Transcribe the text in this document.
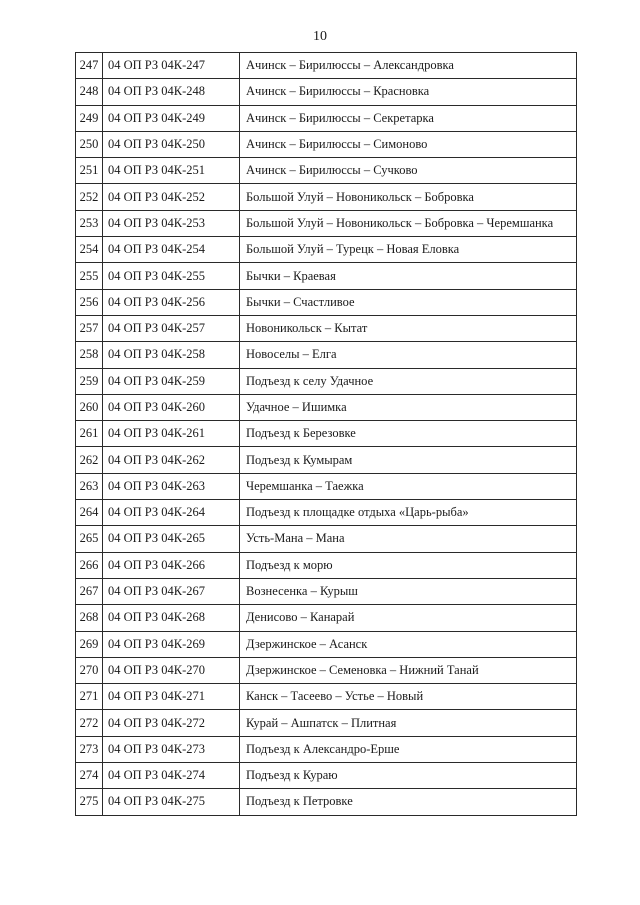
10
247	04 ОП РЗ 04К-247	Ачинск – Бирилюссы – Александровка
248	04 ОП РЗ 04К-248	Ачинск – Бирилюссы – Красновка
249	04 ОП РЗ 04К-249	Ачинск – Бирилюссы – Секретарка
250	04 ОП РЗ 04К-250	Ачинск – Бирилюссы – Симоново
251	04 ОП РЗ 04К-251	Ачинск – Бирилюссы – Сучково
252	04 ОП РЗ 04К-252	Большой Улуй – Новоникольск – Бобровка
253	04 ОП РЗ 04К-253	Большой Улуй – Новоникольск – Бобровка – Черемшанка
254	04 ОП РЗ 04К-254	Большой Улуй – Турецк – Новая Еловка
255	04 ОП РЗ 04К-255	Бычки – Краевая
256	04 ОП РЗ 04К-256	Бычки – Счастливое
257	04 ОП РЗ 04К-257	Новоникольск – Кытат
258	04 ОП РЗ 04К-258	Новоселы – Елга
259	04 ОП РЗ 04К-259	Подъезд к селу Удачное
260	04 ОП РЗ 04К-260	Удачное – Ишимка
261	04 ОП РЗ 04К-261	Подъезд к Березовке
262	04 ОП РЗ 04К-262	Подъезд к Кумырам
263	04 ОП РЗ 04К-263	Черемшанка – Таежка
264	04 ОП РЗ 04К-264	Подъезд к площадке отдыха «Царь-рыба»
265	04 ОП РЗ 04К-265	Усть-Мана – Мана
266	04 ОП РЗ 04К-266	Подъезд к морю
267	04 ОП РЗ 04К-267	Вознесенка – Курыш
268	04 ОП РЗ 04К-268	Денисово – Канарай
269	04 ОП РЗ 04К-269	Дзержинское – Асанск
270	04 ОП РЗ 04К-270	Дзержинское – Семеновка – Нижний Танай
271	04 ОП РЗ 04К-271	Канск – Тасеево – Устье – Новый
272	04 ОП РЗ 04К-272	Курай – Ашпатск – Плитная
273	04 ОП РЗ 04К-273	Подъезд к Александро-Ерше
274	04 ОП РЗ 04К-274	Подъезд к Кураю
275	04 ОП РЗ 04К-275	Подъезд к Петровке
